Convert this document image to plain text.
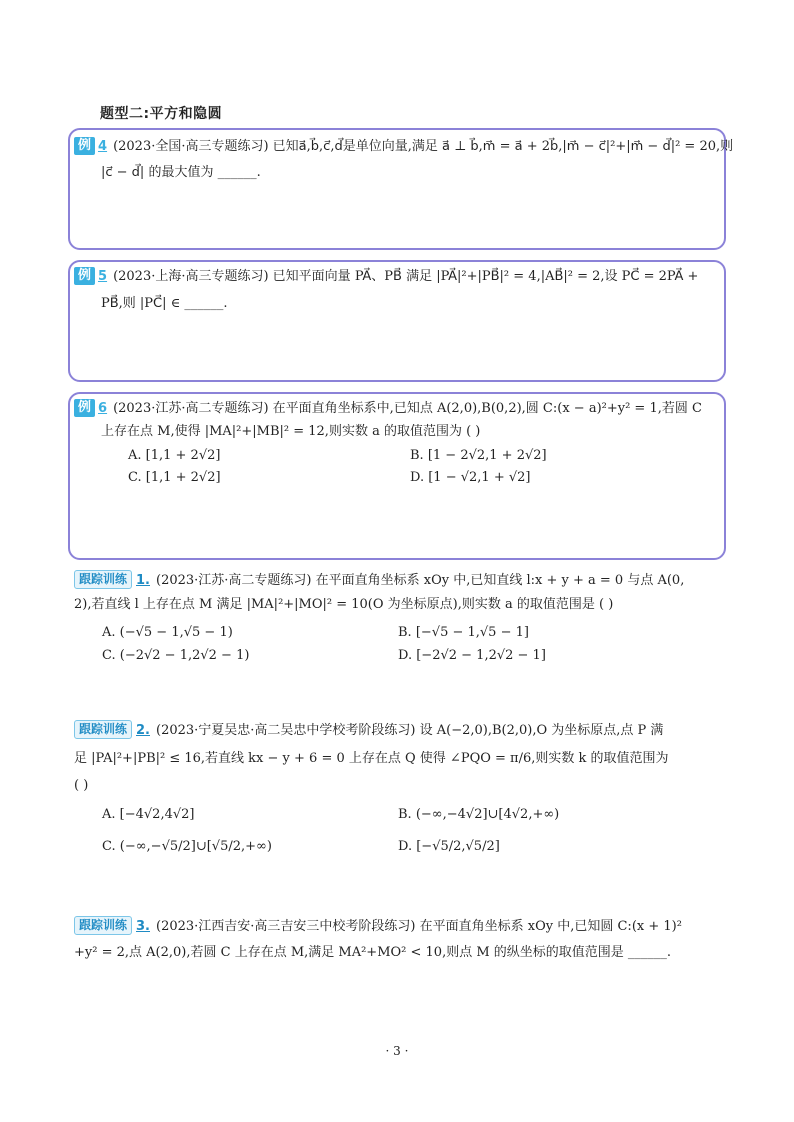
题型二:平方和隐圆
例 4 (2023·全国·高三专题练习) 已知a⃗,b⃗,c⃗,d⃗是单位向量,满足 a⃗ ⊥ b⃗,m⃗ = a⃗ + 2b⃗,|m⃗ − c⃗|²+|m⃗ − d⃗|² = 20,则
|c⃗ − d⃗| 的最大值为 ______.
例 5 (2023·上海·高三专题练习) 已知平面向量 PA⃗、PB⃗ 满足 |PA⃗|²+|PB⃗|² = 4,|AB⃗|² = 2,设 PC⃗ = 2PA⃗ +
PB⃗,则 |PC⃗| ∈ ______.
例 6 (2023·江苏·高二专题练习) 在平面直角坐标系中,已知点 A(2,0),B(0,2),圆 C:(x − a)²+y² = 1,若圆 C
上存在点 M,使得 |MA|²+|MB|² = 12,则实数 a 的取值范围为 ( )
A. [1,1 + 2√2]	B. [1 − 2√2,1 + 2√2]
C. [1,1 + 2√2]	D. [1 − √2,1 + √2]
跟踪训练 1. (2023·江苏·高二专题练习) 在平面直角坐标系 xOy 中,已知直线 l:x + y + a = 0 与点 A(0,
2),若直线 l 上存在点 M 满足 |MA|²+|MO|² = 10(O 为坐标原点),则实数 a 的取值范围是 ( )
A. (−√5 − 1,√5 − 1)	B. [−√5 − 1,√5 − 1]
C. (−2√2 − 1,2√2 − 1)	D. [−2√2 − 1,2√2 − 1]
跟踪训练 2. (2023·宁夏吴忠·高二吴忠中学校考阶段练习) 设 A(−2,0),B(2,0),O 为坐标原点,点 P 满
足 |PA|²+|PB|² ≤ 16,若直线 kx − y + 6 = 0 上存在点 Q 使得 ∠PQO = π/6,则实数 k 的取值范围为
( )
A. [−4√2,4√2]	B. (−∞,−4√2]∪[4√2,+∞)
C. (−∞,−√5/2]∪[√5/2,+∞)	D. [−√5/2,√5/2]
跟踪训练 3. (2023·江西吉安·高三吉安三中校考阶段练习) 在平面直角坐标系 xOy 中,已知圆 C:(x + 1)²
+y² = 2,点 A(2,0),若圆 C 上存在点 M,满足 MA²+MO² < 10,则点 M 的纵坐标的取值范围是 ______.
· 3 ·
